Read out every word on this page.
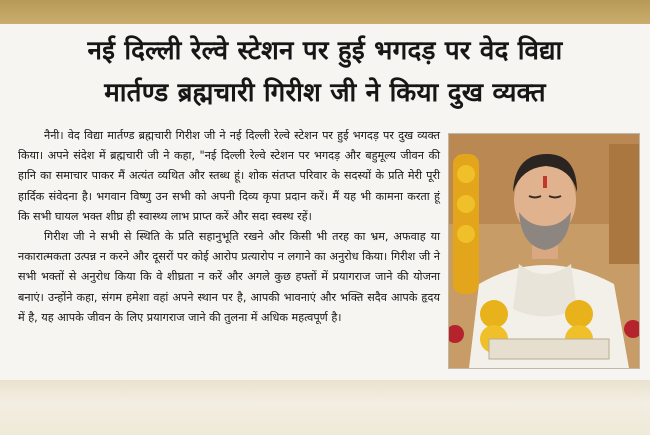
नई दिल्ली रेल्वे स्टेशन पर हुई भगदड़ पर वेद विद्या
मार्तण्ड ब्रह्मचारी गिरीश जी ने किया दुख व्यक्त

नैनी। वेद विद्या मार्तण्ड ब्रह्मचारी गिरीश जी ने नई दिल्ली रेल्वे स्टेशन पर हुई भगदड़ पर दुख व्यक्त किया। अपने संदेश में ब्रह्मचारी जी ने कहा, "नई दिल्ली रेल्वे स्टेशन पर भगदड़ और बहुमूल्य जीवन की हानि का समाचार पाकर मैं अत्यंत व्यथित और स्तब्ध हूं। शोक संतप्त परिवार के सदस्यों के प्रति मेरी पूरी हार्दिक संवेदना है। भगवान विष्णु उन सभी को अपनी दिव्य कृपा प्रदान करें। मैं यह भी कामना करता हूं कि सभी घायल भक्त शीघ्र ही स्वास्थ्य लाभ प्राप्त करें और सदा स्वस्थ रहें।

गिरीश जी ने सभी से स्थिति के प्रति सहानुभूति रखने और किसी भी तरह का भ्रम, अफवाह या नकारात्मकता उत्पन्न न करने और दूसरों पर कोई आरोप प्रत्यारोप न लगाने का अनुरोध किया। गिरीश जी ने सभी भक्तों से अनुरोध किया कि वे शीघ्रता न करें और अगले कुछ हफ्तों में प्रयागराज जाने की योजना बनाएं। उन्होंने कहा, संगम हमेशा वहां अपने स्थान पर है, आपकी भावनाएं और भक्ति सदैव आपके हृदय में है, यह आपके जीवन के लिए प्रयागराज जाने की तुलना में अधिक महत्वपूर्ण है।
